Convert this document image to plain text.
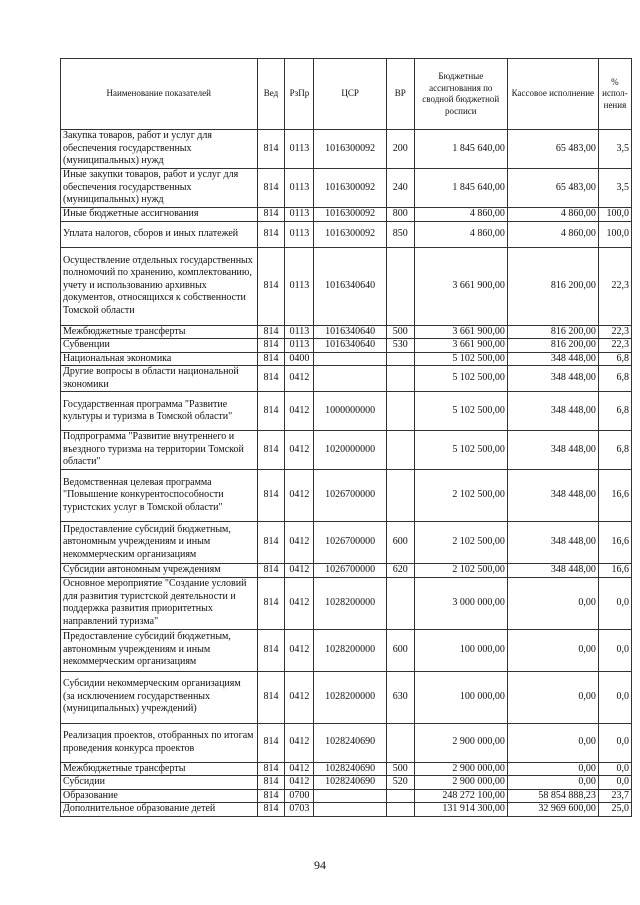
Наименование показателей	Вед	РзПр	ЦСР	ВР	Бюджетные ассигнования по сводной бюджетной росписи	Кассовое исполнение	% испол-нения
Закупка товаров, работ и услуг для обеспечения государственных (муниципальных) нужд	814	0113	1016300092	200	1 845 640,00	65 483,00	3,5
Иные закупки товаров, работ и услуг для обеспечения государственных (муниципальных) нужд	814	0113	1016300092	240	1 845 640,00	65 483,00	3,5
Иные бюджетные ассигнования	814	0113	1016300092	800	4 860,00	4 860,00	100,0
Уплата налогов, сборов и иных платежей	814	0113	1016300092	850	4 860,00	4 860,00	100,0
Осуществление отдельных государственных полномочий по хранению, комплектованию, учету и использованию архивных документов, относящихся к собственности Томской области	814	0113	1016340640		3 661 900,00	816 200,00	22,3
Межбюджетные трансферты	814	0113	1016340640	500	3 661 900,00	816 200,00	22,3
Субвенции	814	0113	1016340640	530	3 661 900,00	816 200,00	22,3
Национальная экономика	814	0400			5 102 500,00	348 448,00	6,8
Другие вопросы в области национальной экономики	814	0412			5 102 500,00	348 448,00	6,8
Государственная программа "Развитие культуры и туризма в Томской области"	814	0412	1000000000		5 102 500,00	348 448,00	6,8
Подпрограмма "Развитие внутреннего и въездного туризма на территории Томской области"	814	0412	1020000000		5 102 500,00	348 448,00	6,8
Ведомственная целевая программа "Повышение конкурентоспособности туристских услуг в Томской области"	814	0412	1026700000		2 102 500,00	348 448,00	16,6
Предоставление субсидий бюджетным, автономным учреждениям и иным некоммерческим организациям	814	0412	1026700000	600	2 102 500,00	348 448,00	16,6
Субсидии автономным учреждениям	814	0412	1026700000	620	2 102 500,00	348 448,00	16,6
Основное мероприятие "Создание условий для развития туристской деятельности и поддержка развития приоритетных направлений туризма"	814	0412	1028200000		3 000 000,00	0,00	0,0
Предоставление субсидий бюджетным, автономным учреждениям и иным некоммерческим организациям	814	0412	1028200000	600	100 000,00	0,00	0,0
Субсидии некоммерческим организациям (за исключением государственных (муниципальных) учреждений)	814	0412	1028200000	630	100 000,00	0,00	0,0
Реализация проектов, отобранных по итогам проведения конкурса проектов	814	0412	1028240690		2 900 000,00	0,00	0,0
Межбюджетные трансферты	814	0412	1028240690	500	2 900 000,00	0,00	0,0
Субсидии	814	0412	1028240690	520	2 900 000,00	0,00	0,0
Образование	814	0700			248 272 100,00	58 854 888,23	23,7
Дополнительное образование детей	814	0703			131 914 300,00	32 969 600,00	25,0
94
